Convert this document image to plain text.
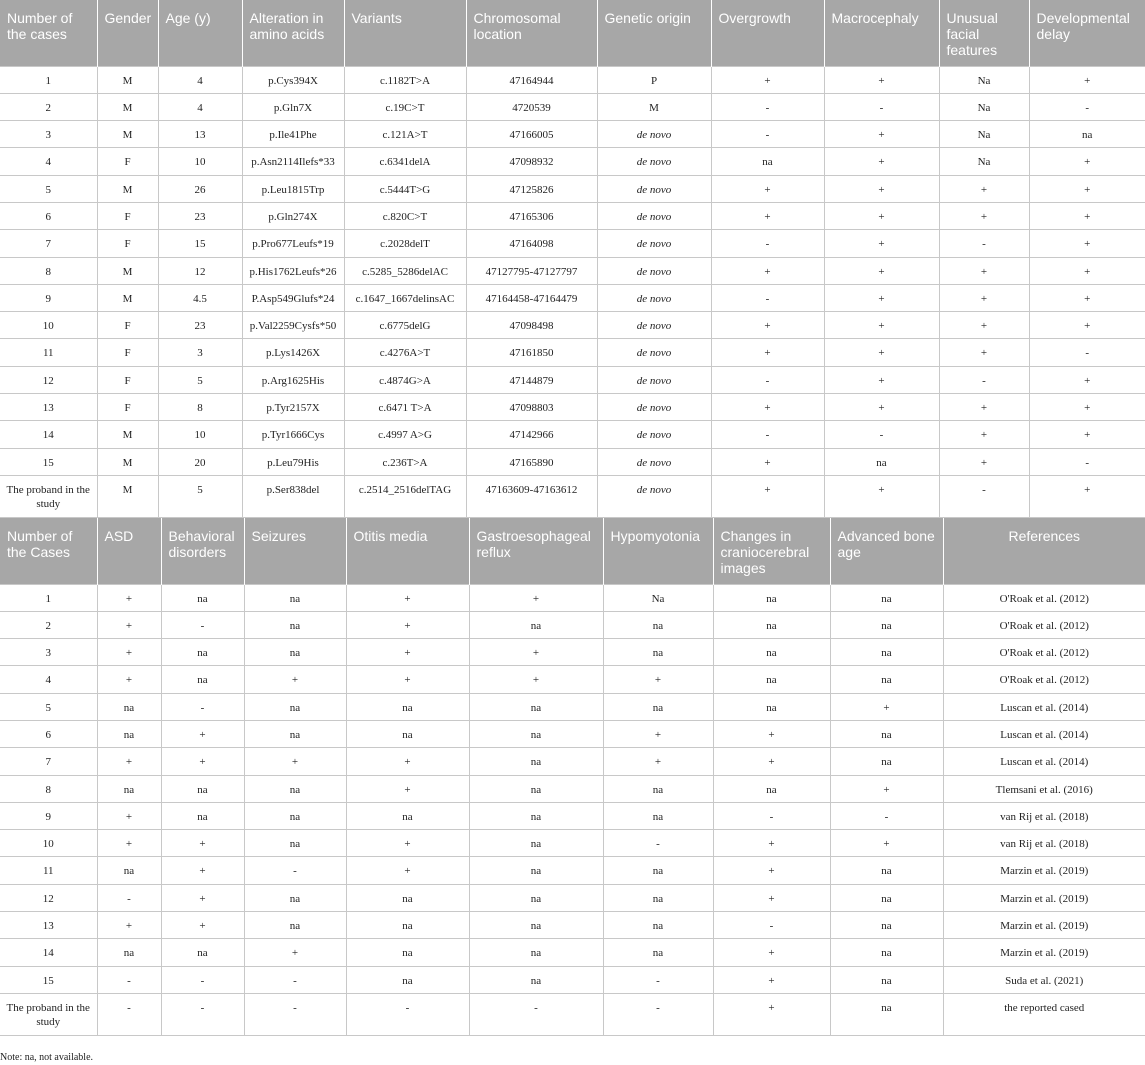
Number of the cases	Gender	Age (y)	Alteration in amino acids	Variants	Chromosomal location	Genetic origin	Overgrowth	Macrocephaly	Unusual facial features	Developmental delay
1	M	4	p.Cys394X	c.1182T>A	47164944	P	+	+	Na	+
2	M	4	p.Gln7X	c.19C>T	4720539	M	-	-	Na	-
3	M	13	p.Ile41Phe	c.121A>T	47166005	de novo	-	+	Na	na
4	F	10	p.Asn2114Ilefs*33	c.6341delA	47098932	de novo	na	+	Na	+
5	M	26	p.Leu1815Trp	c.5444T>G	47125826	de novo	+	+	+	+
6	F	23	p.Gln274X	c.820C>T	47165306	de novo	+	+	+	+
7	F	15	p.Pro677Leufs*19	c.2028delT	47164098	de novo	-	+	-	+
8	M	12	p.His1762Leufs*26	c.5285_5286delAC	47127795-47127797	de novo	+	+	+	+
9	M	4.5	P.Asp549Glufs*24	c.1647_1667delinsAC	47164458-47164479	de novo	-	+	+	+
10	F	23	p.Val2259Cysfs*50	c.6775delG	47098498	de novo	+	+	+	+
11	F	3	p.Lys1426X	c.4276A>T	47161850	de novo	+	+	+	-
12	F	5	p.Arg1625His	c.4874G>A	47144879	de novo	-	+	-	+
13	F	8	p.Tyr2157X	c.6471 T>A	47098803	de novo	+	+	+	+
14	M	10	p.Tyr1666Cys	c.4997 A>G	47142966	de novo	-	-	+	+
15	M	20	p.Leu79His	c.236T>A	47165890	de novo	+	na	+	-
The proband in the study	M	5	p.Ser838del	c.2514_2516delTAG	47163609-47163612	de novo	+	+	-	+
Number of the Cases	ASD	Behavioral disorders	Seizures	Otitis media	Gastroesophageal reflux	Hypomyotonia	Changes in craniocerebral images	Advanced bone age	References
1	+	na	na	+	+	Na	na	na	O'Roak et al. (2012)
2	+	-	na	+	na	na	na	na	O'Roak et al. (2012)
3	+	na	na	+	+	na	na	na	O'Roak et al. (2012)
4	+	na	+	+	+	+	na	na	O'Roak et al. (2012)
5	na	-	na	na	na	na	na	+	Luscan et al. (2014)
6	na	+	na	na	na	+	+	na	Luscan et al. (2014)
7	+	+	+	+	na	+	+	na	Luscan et al. (2014)
8	na	na	na	+	na	na	na	+	Tlemsani et al. (2016)
9	+	na	na	na	na	na	-	-	van Rij et al. (2018)
10	+	+	na	+	na	-	+	+	van Rij et al. (2018)
11	na	+	-	+	na	na	+	na	Marzin et al. (2019)
12	-	+	na	na	na	na	+	na	Marzin et al. (2019)
13	+	+	na	na	na	na	-	na	Marzin et al. (2019)
14	na	na	+	na	na	na	+	na	Marzin et al. (2019)
15	-	-	-	na	na	-	+	na	Suda et al. (2021)
The proband in the study	-	-	-	-	-	-	+	na	the reported cased
Note: na, not available.
